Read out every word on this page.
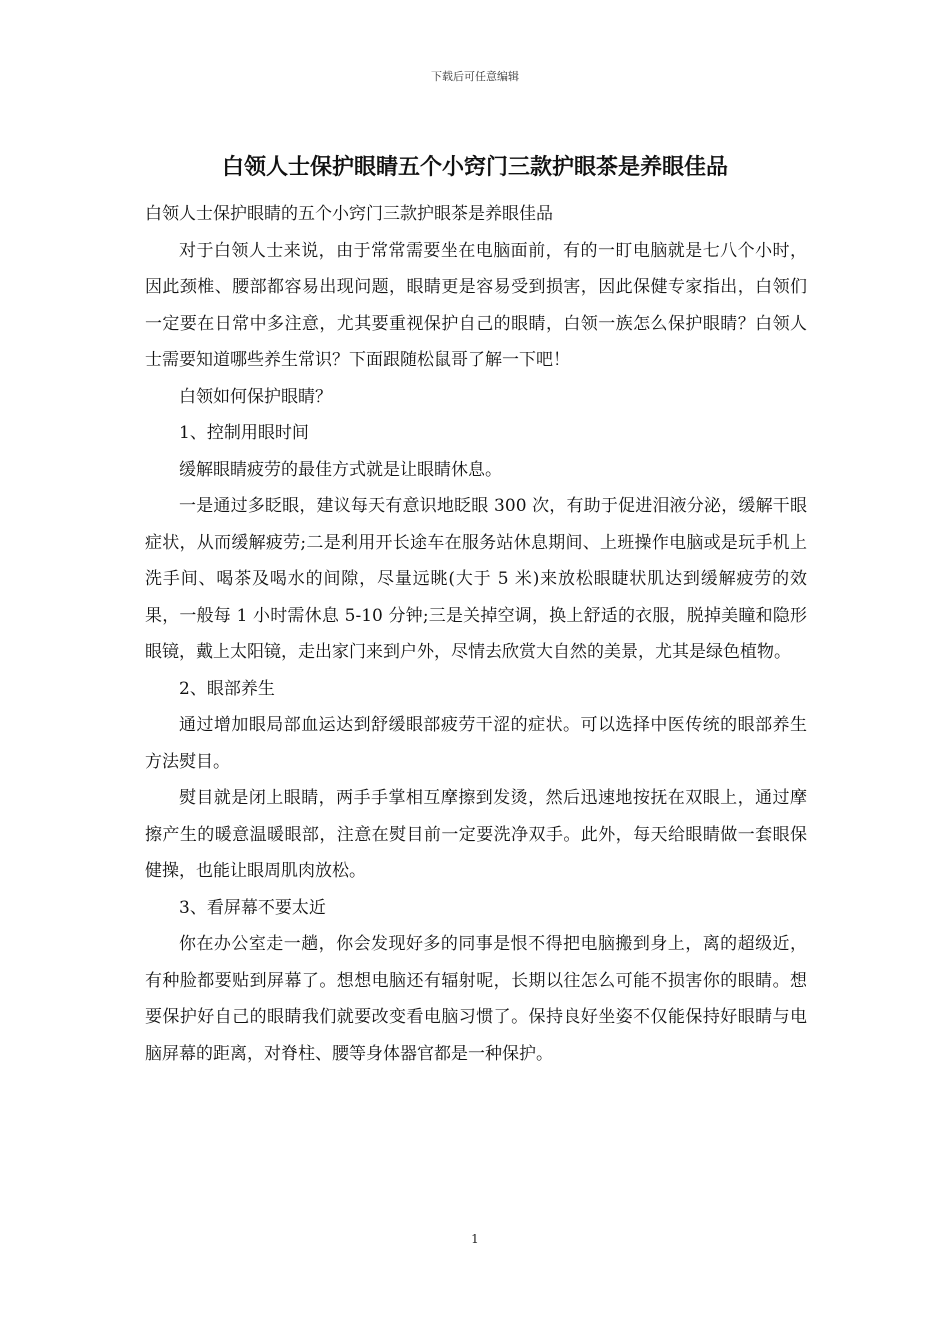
下载后可任意编辑
白领人士保护眼睛五个小窍门三款护眼茶是养眼佳品

白领人士保护眼睛的五个小窍门三款护眼茶是养眼佳品

对于白领人士来说，由于常常需要坐在电脑面前，有的一盯电脑就是七八个小时，因此颈椎、腰部都容易出现问题，眼睛更是容易受到损害，因此保健专家指出，白领们一定要在日常中多注意，尤其要重视保护自己的眼睛，白领一族怎么保护眼睛？白领人士需要知道哪些养生常识？下面跟随松鼠哥了解一下吧！

白领如何保护眼睛？

1、控制用眼时间

缓解眼睛疲劳的最佳方式就是让眼睛休息。

一是通过多眨眼，建议每天有意识地眨眼 300 次，有助于促进泪液分泌，缓解干眼症状，从而缓解疲劳;二是利用开长途车在服务站休息期间、上班操作电脑或是玩手机上洗手间、喝茶及喝水的间隙，尽量远眺(大于 5 米)来放松眼睫状肌达到缓解疲劳的效果，一般每 1 小时需休息 5-10 分钟;三是关掉空调，换上舒适的衣服，脱掉美瞳和隐形眼镜，戴上太阳镜，走出家门来到户外，尽情去欣赏大自然的美景，尤其是绿色植物。

2、眼部养生

通过增加眼局部血运达到舒缓眼部疲劳干涩的症状。可以选择中医传统的眼部养生方法熨目。

熨目就是闭上眼睛，两手手掌相互摩擦到发烫，然后迅速地按抚在双眼上，通过摩擦产生的暖意温暖眼部，注意在熨目前一定要洗净双手。此外，每天给眼睛做一套眼保健操，也能让眼周肌肉放松。

3、看屏幕不要太近

你在办公室走一趟，你会发现好多的同事是恨不得把电脑搬到身上，离的超级近，有种脸都要贴到屏幕了。想想电脑还有辐射呢，长期以往怎么可能不损害你的眼睛。想要保护好自己的眼睛我们就要改变看电脑习惯了。保持良好坐姿不仅能保持好眼睛与电脑屏幕的距离，对脊柱、腰等身体器官都是一种保护。

1
